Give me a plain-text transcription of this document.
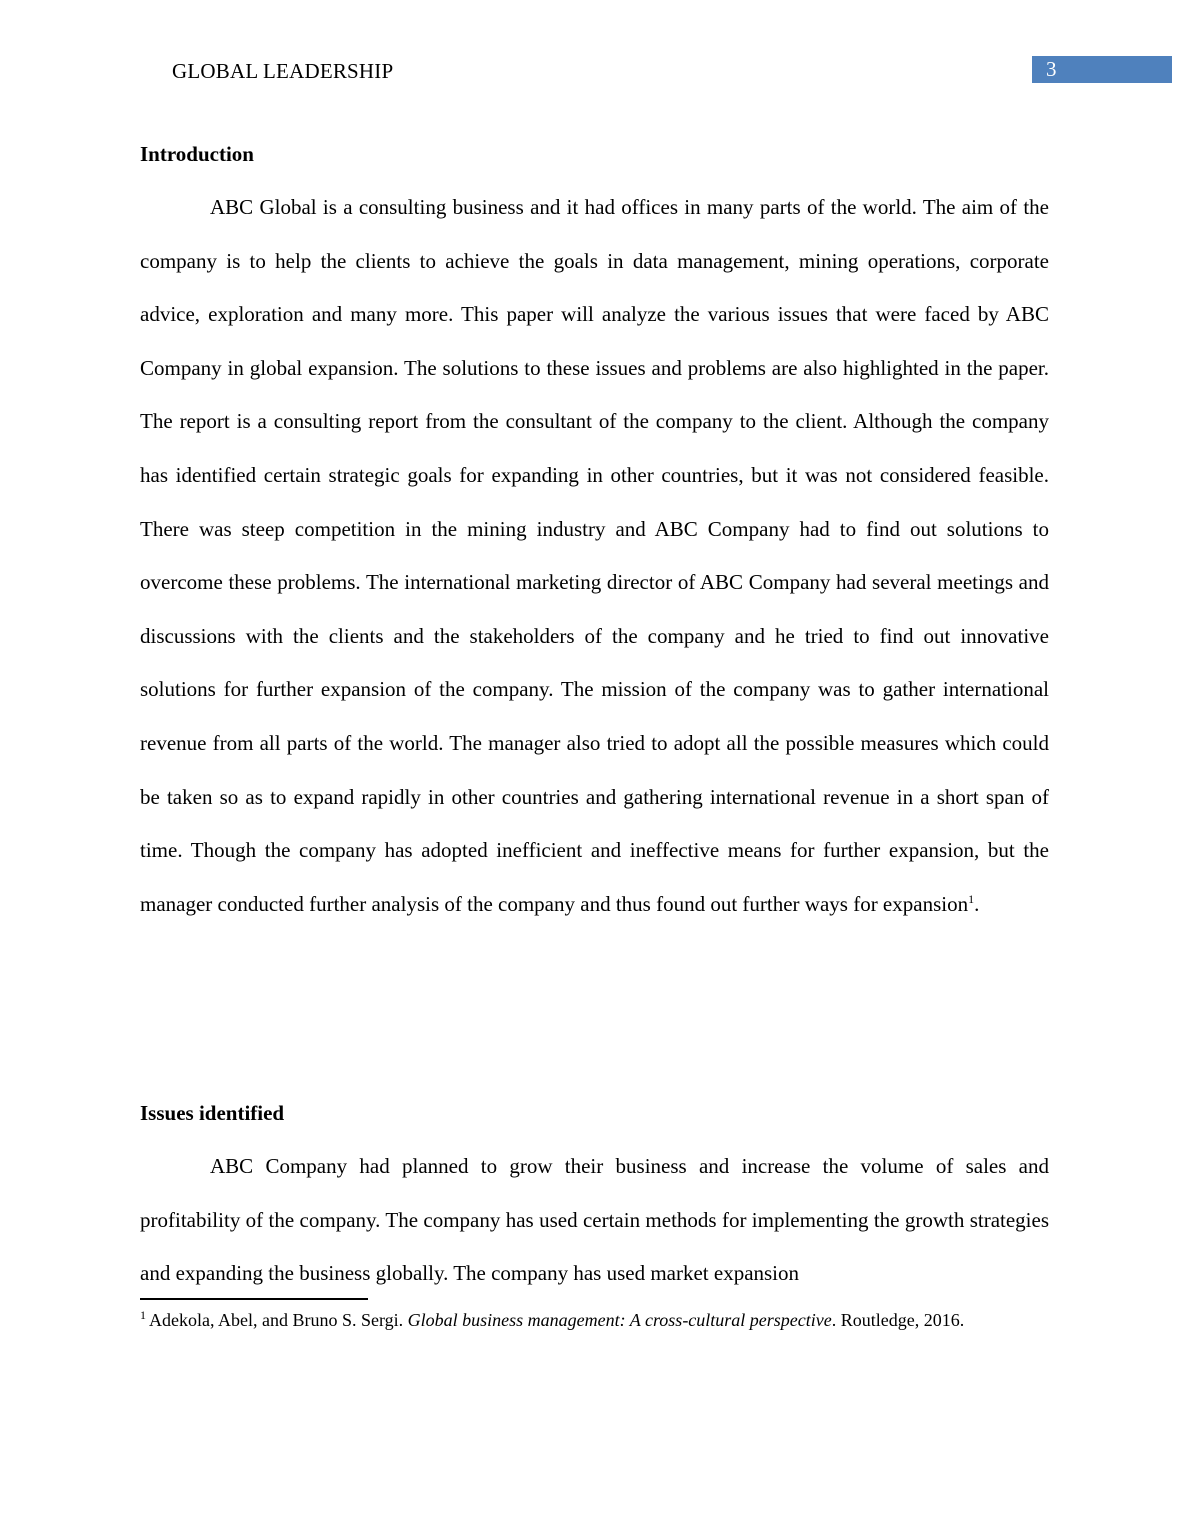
GLOBAL LEADERSHIP	3
Introduction

ABC Global is a consulting business and it had offices in many parts of the world. The aim of the company is to help the clients to achieve the goals in data management, mining operations, corporate advice, exploration and many more. This paper will analyze the various issues that were faced by ABC Company in global expansion. The solutions to these issues and problems are also highlighted in the paper. The report is a consulting report from the consultant of the company to the client. Although the company has identified certain strategic goals for expanding in other countries, but it was not considered feasible. There was steep competition in the mining industry and ABC Company had to find out solutions to overcome these problems. The international marketing director of ABC Company had several meetings and discussions with the clients and the stakeholders of the company and he tried to find out innovative solutions for further expansion of the company. The mission of the company was to gather international revenue from all parts of the world. The manager also tried to adopt all the possible measures which could be taken so as to expand rapidly in other countries and gathering international revenue in a short span of time. Though the company has adopted inefficient and ineffective means for further expansion, but the manager conducted further analysis of the company and thus found out further ways for expansion$^1$.

Issues identified

ABC Company had planned to grow their business and increase the volume of sales and profitability of the company. The company has used certain methods for implementing the growth strategies and expanding the business globally. The company has used market expansion

$^1$ Adekola, Abel, and Bruno S. Sergi. Global business management: A cross-cultural perspective. Routledge, 2016.
